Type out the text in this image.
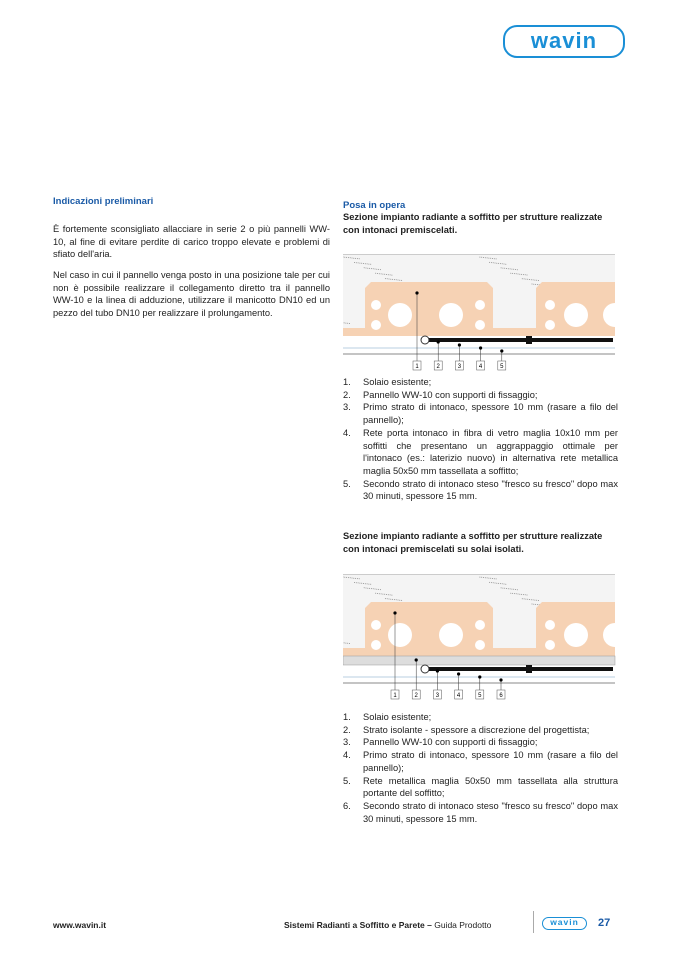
wavin
Indicazioni preliminari
È fortemente sconsigliato allacciare in serie 2 o più pannelli WW-10, al fine di evitare perdite di carico troppo elevate e problemi di sfiato dell'aria.
Nel caso in cui il pannello venga posto in una posizione tale per cui non è possibile realizzare il collegamento diretto tra il pannello WW-10 e la linea di adduzione, utilizzare il manicotto DN10 ed un pezzo del tubo DN10 per realizzare il prolungamento.
Posa in opera
Sezione impianto radiante a soffitto per strutture realizzate con intonaci premiscelati.
1	2	3	4	5
1.	Solaio esistente;
2.	Pannello WW-10 con supporti di fissaggio;
3.	Primo strato di intonaco, spessore 10 mm (rasare a filo del pannello);
4.	Rete porta intonaco in fibra di vetro maglia 10x10 mm per soffitti che presentano un aggrappaggio ottimale per l'intonaco (es.: laterizio nuovo) in alternativa rete metallica maglia 50x50 mm tassellata a soffitto;
5.	Secondo strato di intonaco steso "fresco su fresco" dopo max 30 minuti, spessore 15 mm.
Sezione impianto radiante a soffitto per strutture realizzate con intonaci premiscelati su solai isolati.
1	2	3	4	5	6
1.	Solaio esistente;
2.	Strato isolante - spessore a discrezione del progettista;
3.	Pannello WW-10 con supporti di fissaggio;
4.	Primo strato di intonaco, spessore 10 mm (rasare a filo del pannello);
5.	Rete metallica maglia 50x50 mm tassellata alla struttura portante del soffitto;
6.	Secondo strato di intonaco steso "fresco su fresco" dopo max 30 minuti, spessore 15 mm.
www.wavin.it	Sistemi Radianti a Soffitto e Parete – Guida Prodotto	wavin	27
